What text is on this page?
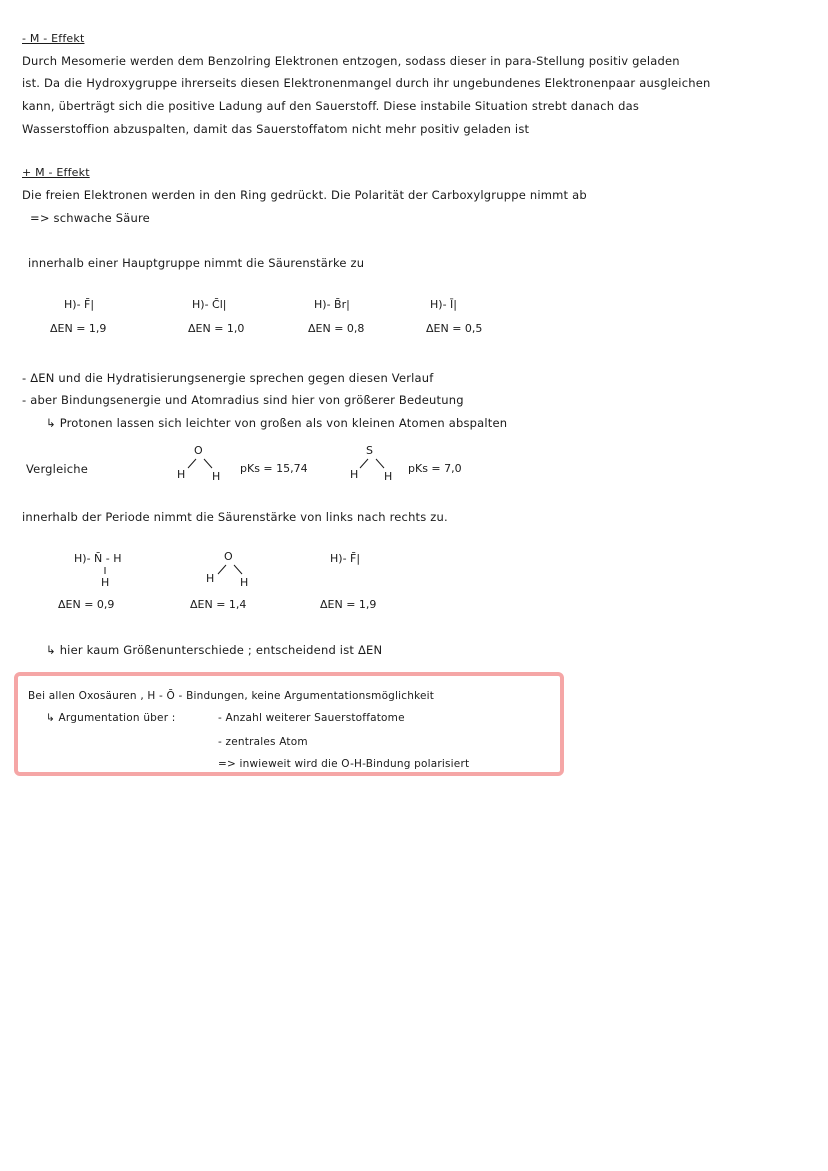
- M - Effekt
Durch Mesomerie werden dem Benzolring Elektronen entzogen, sodass dieser in para-Stellung positiv geladen
ist. Da die Hydroxygruppe ihrerseits diesen Elektronenmangel durch ihr ungebundenes Elektronenpaar ausgleichen
kann, überträgt sich die positive Ladung auf den Sauerstoff. Diese instabile Situation strebt danach das
Wasserstoffion abzuspalten, damit das Sauerstoffatom nicht mehr positiv geladen ist
+ M - Effekt
Die freien Elektronen werden in den Ring gedrückt. Die Polarität der Carboxylgruppe nimmt ab
=> schwache Säure
innerhalb einer Hauptgruppe nimmt die Säurenstärke zu
H)- F̄|
ΔEN = 1,9
H)- C̄l|
ΔEN = 1,0
H)- B̄r|
ΔEN = 0,8
H)- Ī|
ΔEN = 0,5
- ΔEN und die Hydratisierungsenergie sprechen gegen diesen Verlauf
- aber Bindungsenergie und Atomradius sind hier von größerer Bedeutung
↳ Protonen lassen sich leichter von großen als von kleinen Atomen abspalten
Vergleiche
O
H H
pKs = 15,74
S
H H
pKs = 7,0
innerhalb der Periode nimmt die Säurenstärke von links nach rechts zu.
H)- N̄ - H
H
ΔEN = 0,9
O
H H
ΔEN = 1,4
H)- F̄|
ΔEN = 1,9
↳ hier kaum Größenunterschiede ; entscheidend ist ΔEN
Bei allen Oxosäuren , H - Ō - Bindungen, keine Argumentationsmöglichkeit
↳ Argumentation über :	- Anzahl weiterer Sauerstoffatome
- zentrales Atom
=> inwieweit wird die O-H-Bindung polarisiert
